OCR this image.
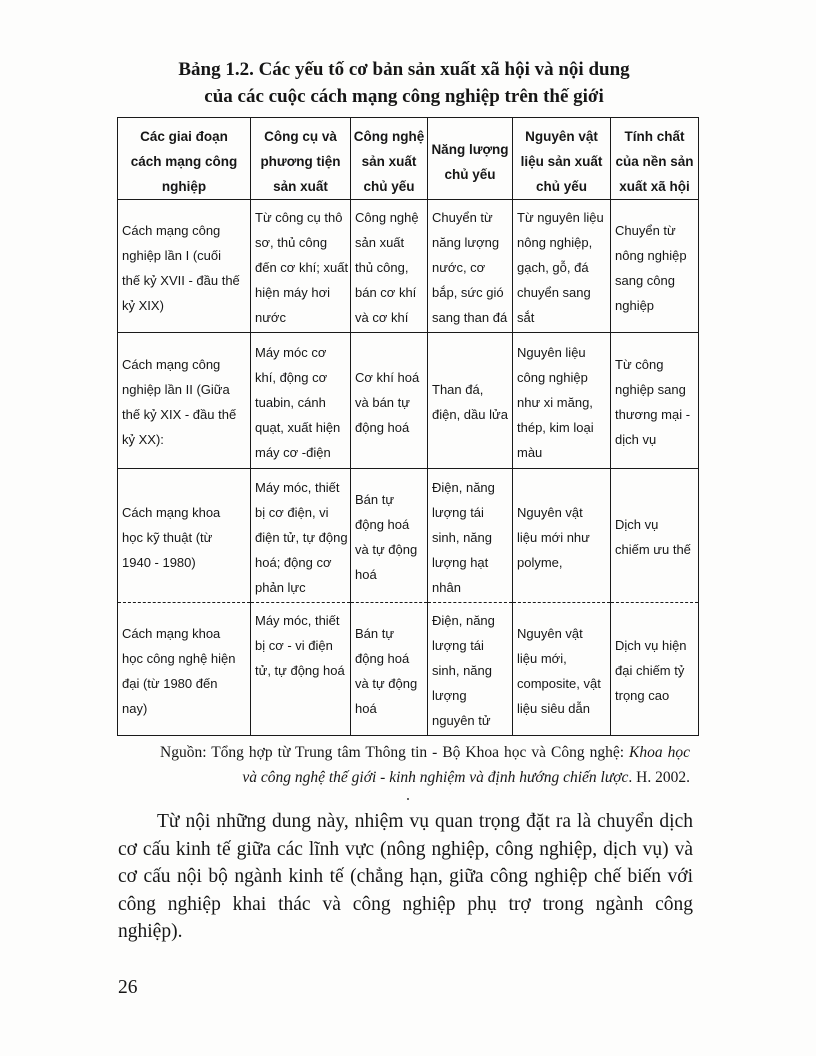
Bảng 1.2. Các yếu tố cơ bản sản xuất xã hội và nội dung
của các cuộc cách mạng công nghiệp trên thế giới
Các giai đoạn
cách mạng công
nghiệp	Công cụ và
phương tiện
sản xuất	Công nghệ
sản xuất
chủ yếu	Năng lượng
chủ yếu	Nguyên vật
liệu sản xuất
chủ yếu	Tính chất
của nền sản
xuất xã hội
Cách mạng công
nghiệp lần I (cuối
thế kỷ XVII - đầu thế
kỷ XIX)	Từ công cụ thô
sơ, thủ công
đến cơ khí; xuất
hiện máy hơi
nước	Công nghệ
sản xuất
thủ công,
bán cơ khí
và cơ khí	Chuyển từ
năng lượng
nước, cơ
bắp, sức gió
sang than đá	Từ nguyên liệu
nông nghiệp,
gạch, gỗ, đá
chuyển sang
sắt	Chuyển từ
nông nghiệp
sang công
nghiệp
Cách mạng công
nghiệp lần II (Giữa
thế kỷ XIX - đầu thế
kỷ XX):	Máy móc cơ
khí, động cơ
tuabin, cánh
quạt, xuất hiện
máy cơ -điện	Cơ khí hoá
và bán tự
động hoá	Than đá,
điện, dầu lửa	Nguyên liệu
công nghiệp
như xi măng,
thép, kim loại
màu	Từ công
nghiệp sang
thương mại -
dịch vụ
Cách mạng khoa
học kỹ thuật (từ
1940 - 1980)	Máy móc, thiết
bị cơ điện, vi
điện tử, tự động
hoá; động cơ
phản lực	Bán tự
động hoá
và tự động
hoá	Điện, năng
lượng tái
sinh, năng
lượng hạt
nhân	Nguyên vật
liệu mới như
polyme,	Dịch vụ
chiếm ưu thế
Cách mạng khoa
học công nghệ hiện
đại (từ 1980 đến
nay)	Máy móc, thiết
bị cơ - vi điện
tử, tự động hoá	Bán tự
động hoá
và tự động
hoá	Điện, năng
lượng tái
sinh, năng
lượng
nguyên tử	Nguyên vật
liệu mới,
composite, vật
liệu siêu dẫn	Dịch vụ hiện
đại chiếm tỷ
trọng cao
Nguồn: Tổng hợp từ Trung tâm Thông tin - Bộ Khoa học và Công nghệ: Khoa học
và công nghệ thế giới - kinh nghiệm và định hướng chiến lược. H. 2002.
Từ nội những dung này, nhiệm vụ quan trọng đặt ra là chuyển dịch
cơ cấu kinh tế giữa các lĩnh vực (nông nghiệp, công nghiệp, dịch vụ) và
cơ cấu nội bộ ngành kinh tế (chẳng hạn, giữa công nghiệp chế biến với
công nghiệp khai thác và công nghiệp phụ trợ trong ngành công
nghiệp).
26
